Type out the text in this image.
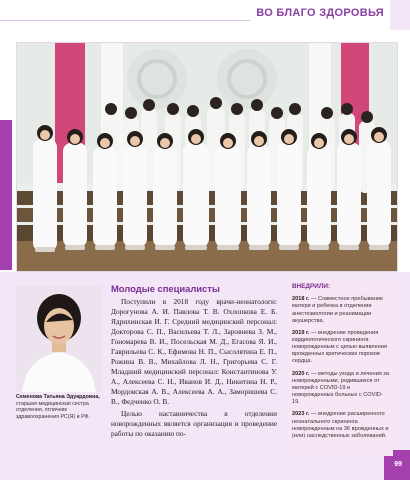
ВО БЛАГО ЗДОРОВЬЯ
99
Семенова Татьяна Эдуардовна,
старшая медицинская сестра отделения, отличник здравоохранения РС(Я) и РФ.
Молодые специалисты

Поступили в 2018 году врачи-неонатологи: Дорогунова А. И. Павлова Т. В. Охлопкова Е. Б. Ядрихинская И. Г. Средний медицинский персонал: Докторова С. П., Васильева Т. Л., Заровнева З. М., Гономарева В. И., Посельская М. Д., Егасова Я. И., Гаврильева С. К., Ефимова Н. П., Сысолятина Е. П., Рожина В. В., Михайлова Л. Н., Григорьева С. Г. Младший медицинский персонал: Константинова У. А., Алексеева С. Н., Иванов И. Д., Никитина Н. Р., Мордовская А. В., Алексеева А. А., Заморишева С. В., Федченко О. В.

Целью наставничества в отделении новорожденных является организация и проведение работы по оказанию по-

ВНЕДРИЛИ:
2018 г. — Совместное пребывание матери и ребенка в отделении анестезиологии и реанимации акушерства.
2019 г. — внедрение проведения кардиологического скрининга новорожденным с целью выявления врожденных критических пороков сердца.
2020 г. — методы ухода и лечения за новорожденными, родившихся от матерей с COVID-19 и новорожденных больных с COVID-19.
2023 г. — внедрение расширенного неонатального скрининга новорожденным на 36 врожденных и (или) наследственных заболеваний.
